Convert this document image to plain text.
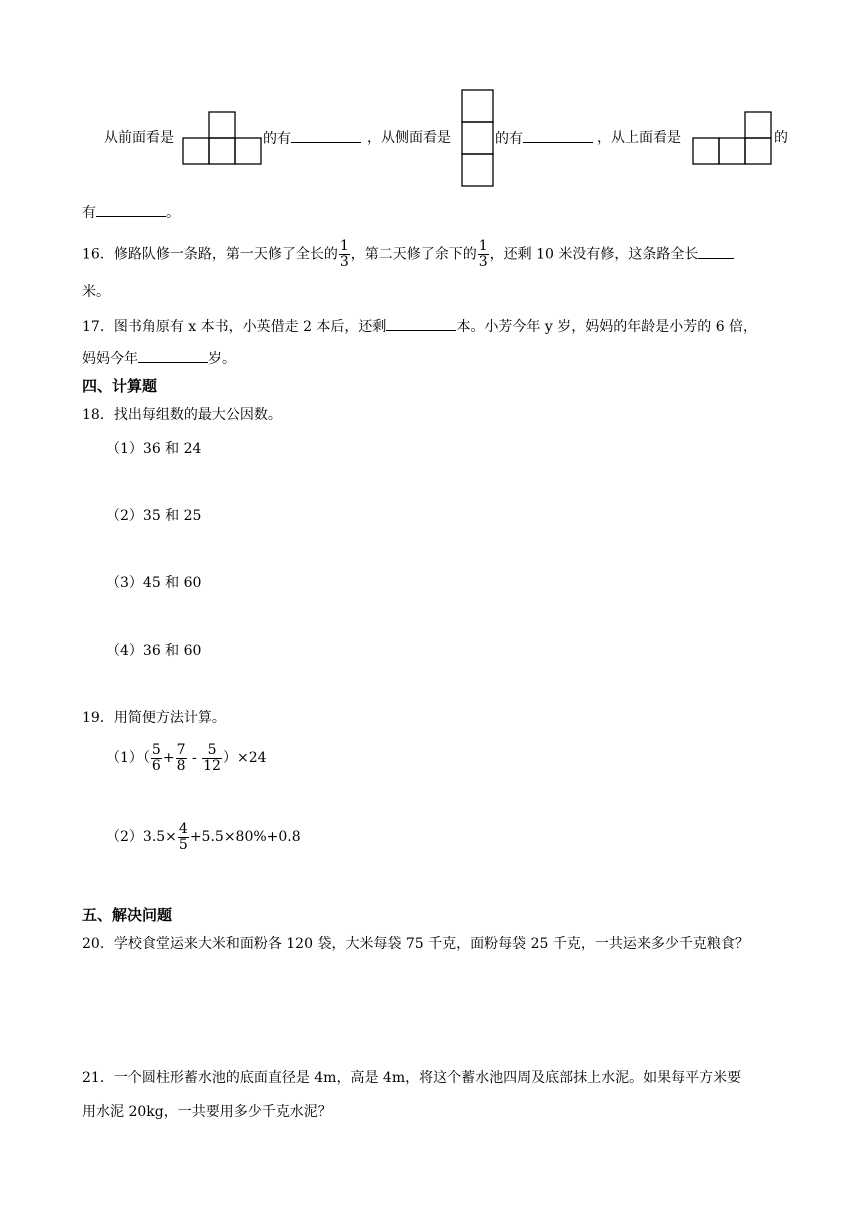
从前面看是	的有	，从侧面看是	的有	，从上面看是	的
有	。
16．修路队修一条路，第一天修了全长的 $\frac{1}{3}$ ，第二天修了余下的 $\frac{1}{3}$ ，还剩 10 米没有修，这条路全长
米。
17．图书角原有 x 本书，小英借走 2 本后，还剩	本。小芳今年 y 岁，妈妈的年龄是小芳的 6 倍，
妈妈今年	岁。
四、计算题
18．找出每组数的最大公因数。
（1）36 和 24
（2）35 和 25
（3）45 和 60
（4）36 和 60
19．用简便方法计算。
$(1)( \frac{5}{6} + \frac{7}{8} - \frac{5}{12} )\times 24$
$(2)3.5\times \frac{4}{5} +5.5\times 80\%+0.8$
五、解决问题
20．学校食堂运来大米和面粉各 120 袋，大米每袋 75 千克，面粉每袋 25 千克，一共运来多少千克粮食？
21．一个圆柱形蓄水池的底面直径是 4m，高是 4m，将这个蓄水池四周及底部抹上水泥。如果每平方米要
用水泥 20kg，一共要用多少千克水泥？
